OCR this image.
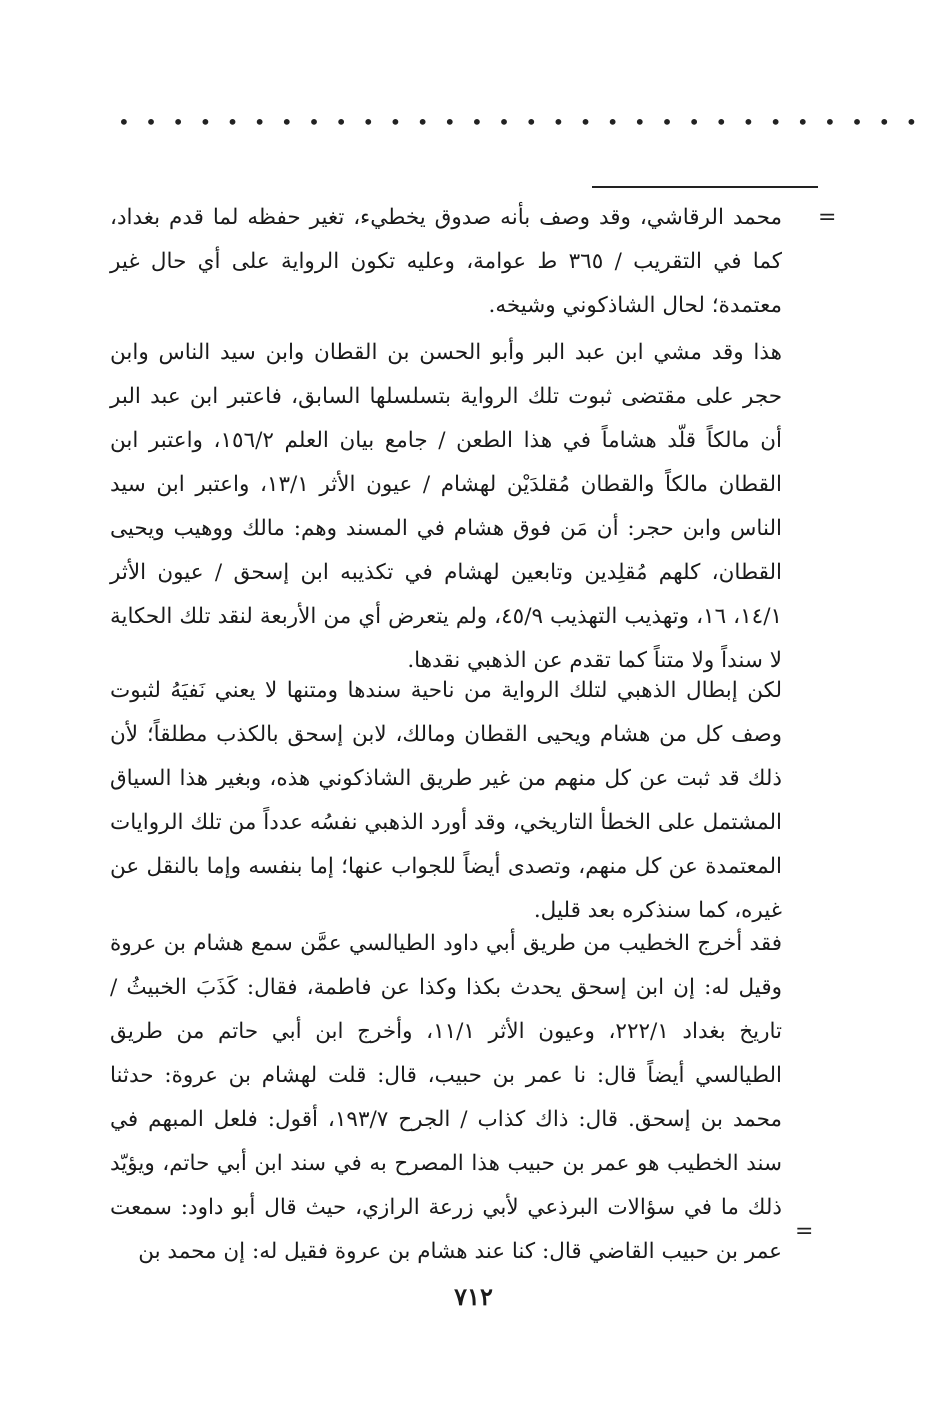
• • • • • • • • • • • • • • • • • • • • • • • • • • • • • •
=

محمد الرقاشي، وقد وصف بأنه صدوق يخطيء، تغير حفظه لما قدم بغداد، كما في التقريب / ٣٦٥ ط عوامة، وعليه تكون الرواية على أي حال غير معتمدة؛ لحال الشاذكوني وشيخه.

هذا وقد مشي ابن عبد البر وأبو الحسن بن القطان وابن سيد الناس وابن حجر على مقتضى ثبوت تلك الرواية بتسلسلها السابق، فاعتبر ابن عبد البر أن مالكاً قلّد هشاماً في هذا الطعن / جامع بيان العلم ١٥٦/٢، واعتبر ابن القطان مالكاً والقطان مُقلدَيْن لهشام / عيون الأثر ١٣/١، واعتبر ابن سيد الناس وابن حجر: أن مَن فوق هشام في المسند وهم: مالك ووهيب ويحيى القطان، كلهم مُقلِدين وتابعين لهشام في تكذيبه ابن إسحق / عيون الأثر ١٤/١، ١٦، وتهذيب التهذيب ٤٥/٩، ولم يتعرض أي من الأربعة لنقد تلك الحكاية لا سنداً ولا متناً كما تقدم عن الذهبي نقدها.

لكن إبطال الذهبي لتلك الرواية من ناحية سندها ومتنها لا يعني نَفيَهُ لثبوت وصف كل من هشام ويحيى القطان ومالك، لابن إسحق بالكذب مطلقاً؛ لأن ذلك قد ثبت عن كل منهم من غير طريق الشاذكوني هذه، وبغير هذا السياق المشتمل على الخطأ التاريخي، وقد أورد الذهبي نفسُه عدداً من تلك الروايات المعتمدة عن كل منهم، وتصدى أيضاً للجواب عنها؛ إما بنفسه وإما بالنقل عن غيره، كما سنذكره بعد قليل.

فقد أخرج الخطيب من طريق أبي داود الطيالسي عمَّن سمع هشام بن عروة وقيل له: إن ابن إسحق يحدث بكذا وكذا عن فاطمة، فقال: كَذَبَ الخبيثُ / تاريخ بغداد ٢٢٢/١، وعيون الأثر ١١/١، وأخرج ابن أبي حاتم من طريق الطيالسي أيضاً قال: نا عمر بن حبيب، قال: قلت لهشام بن عروة: حدثنا محمد بن إسحق. قال: ذاك كذاب / الجرح ١٩٣/٧، أقول: فلعل المبهم في سند الخطيب هو عمر بن حبيب هذا المصرح به في سند ابن أبي حاتم، ويؤيّد ذلك ما في سؤالات البرذعي لأبي زرعة الرازي، حيث قال أبو داود: سمعت عمر بن حبيب القاضي قال: كنا عند هشام بن عروة فقيل له: إن محمد بن

=
٧١٢
